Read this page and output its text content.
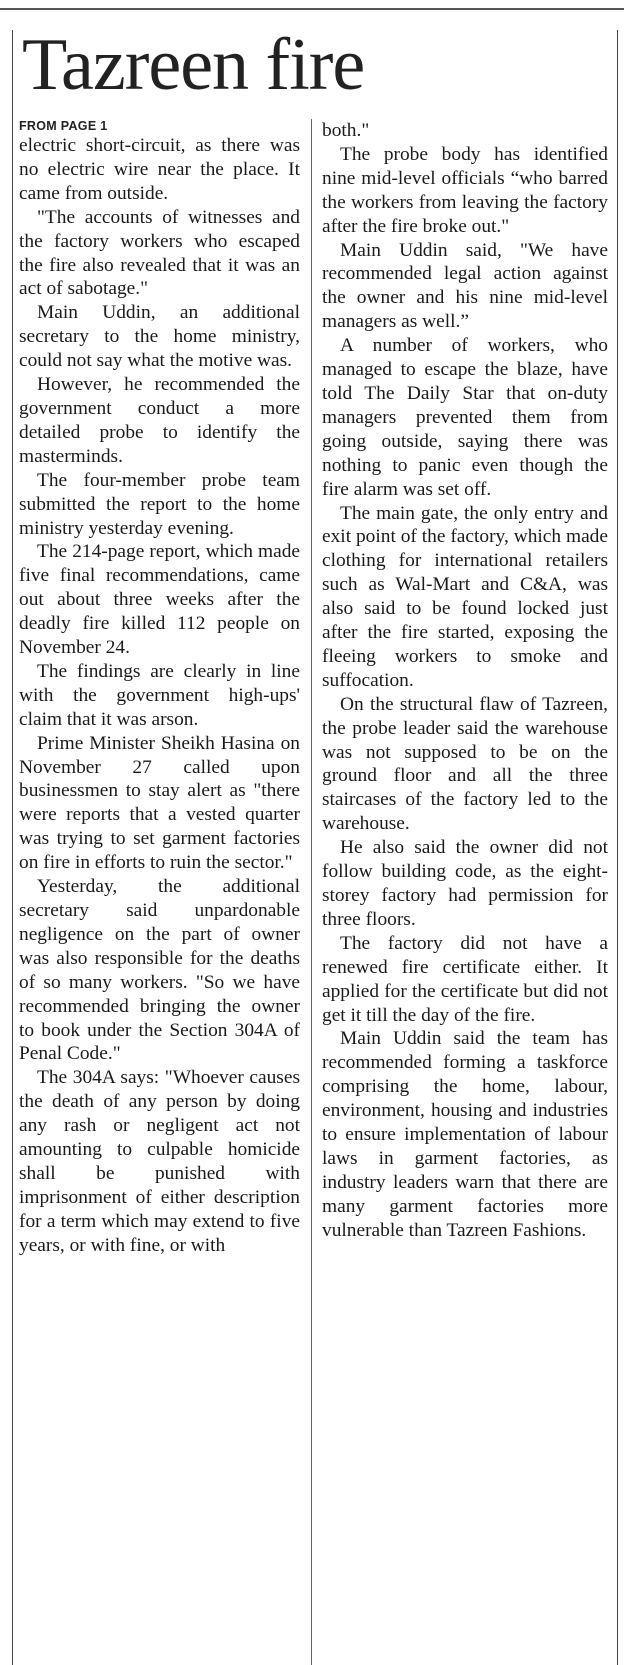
Tazreen fire
FROM PAGE 1

electric short-circuit, as there was no electric wire near the place. It came from outside.

"The accounts of witnesses and the factory workers who escaped the fire also revealed that it was an act of sabotage."

Main Uddin, an additional secretary to the home ministry, could not say what the motive was.

However, he recommended the government conduct a more detailed probe to identify the masterminds.

The four-member probe team submitted the report to the home ministry yesterday evening.

The 214-page report, which made five final recommendations, came out about three weeks after the deadly fire killed 112 people on November 24.

The findings are clearly in line with the government high-ups' claim that it was arson.

Prime Minister Sheikh Hasina on November 27 called upon businessmen to stay alert as "there were reports that a vested quarter was trying to set garment factories on fire in efforts to ruin the sector."

Yesterday, the additional secretary said unpardonable negligence on the part of owner was also responsible for the deaths of so many workers. "So we have recommended bringing the owner to book under the Section 304A of Penal Code."

The 304A says: "Whoever causes the death of any person by doing any rash or negligent act not amounting to culpable homicide shall be punished with imprisonment of either description for a term which may extend to five years, or with fine, or with

both."

The probe body has identified nine mid-level officials “who barred the workers from leaving the factory after the fire broke out."

Main Uddin said, "We have recommended legal action against the owner and his nine mid-level managers as well.”

A number of workers, who managed to escape the blaze, have told The Daily Star that on-duty managers prevented them from going outside, saying there was nothing to panic even though the fire alarm was set off.

The main gate, the only entry and exit point of the factory, which made clothing for international retailers such as Wal-Mart and C&A, was also said to be found locked just after the fire started, exposing the fleeing workers to smoke and suffocation.

On the structural flaw of Tazreen, the probe leader said the warehouse was not supposed to be on the ground floor and all the three staircases of the factory led to the warehouse.

He also said the owner did not follow building code, as the eight-storey factory had permission for three floors.

The factory did not have a renewed fire certificate either. It applied for the certificate but did not get it till the day of the fire.

Main Uddin said the team has recommended forming a taskforce comprising the home, labour, environment, housing and industries to ensure implementation of labour laws in garment factories, as industry leaders warn that there are many garment factories more vulnerable than Tazreen Fashions.
